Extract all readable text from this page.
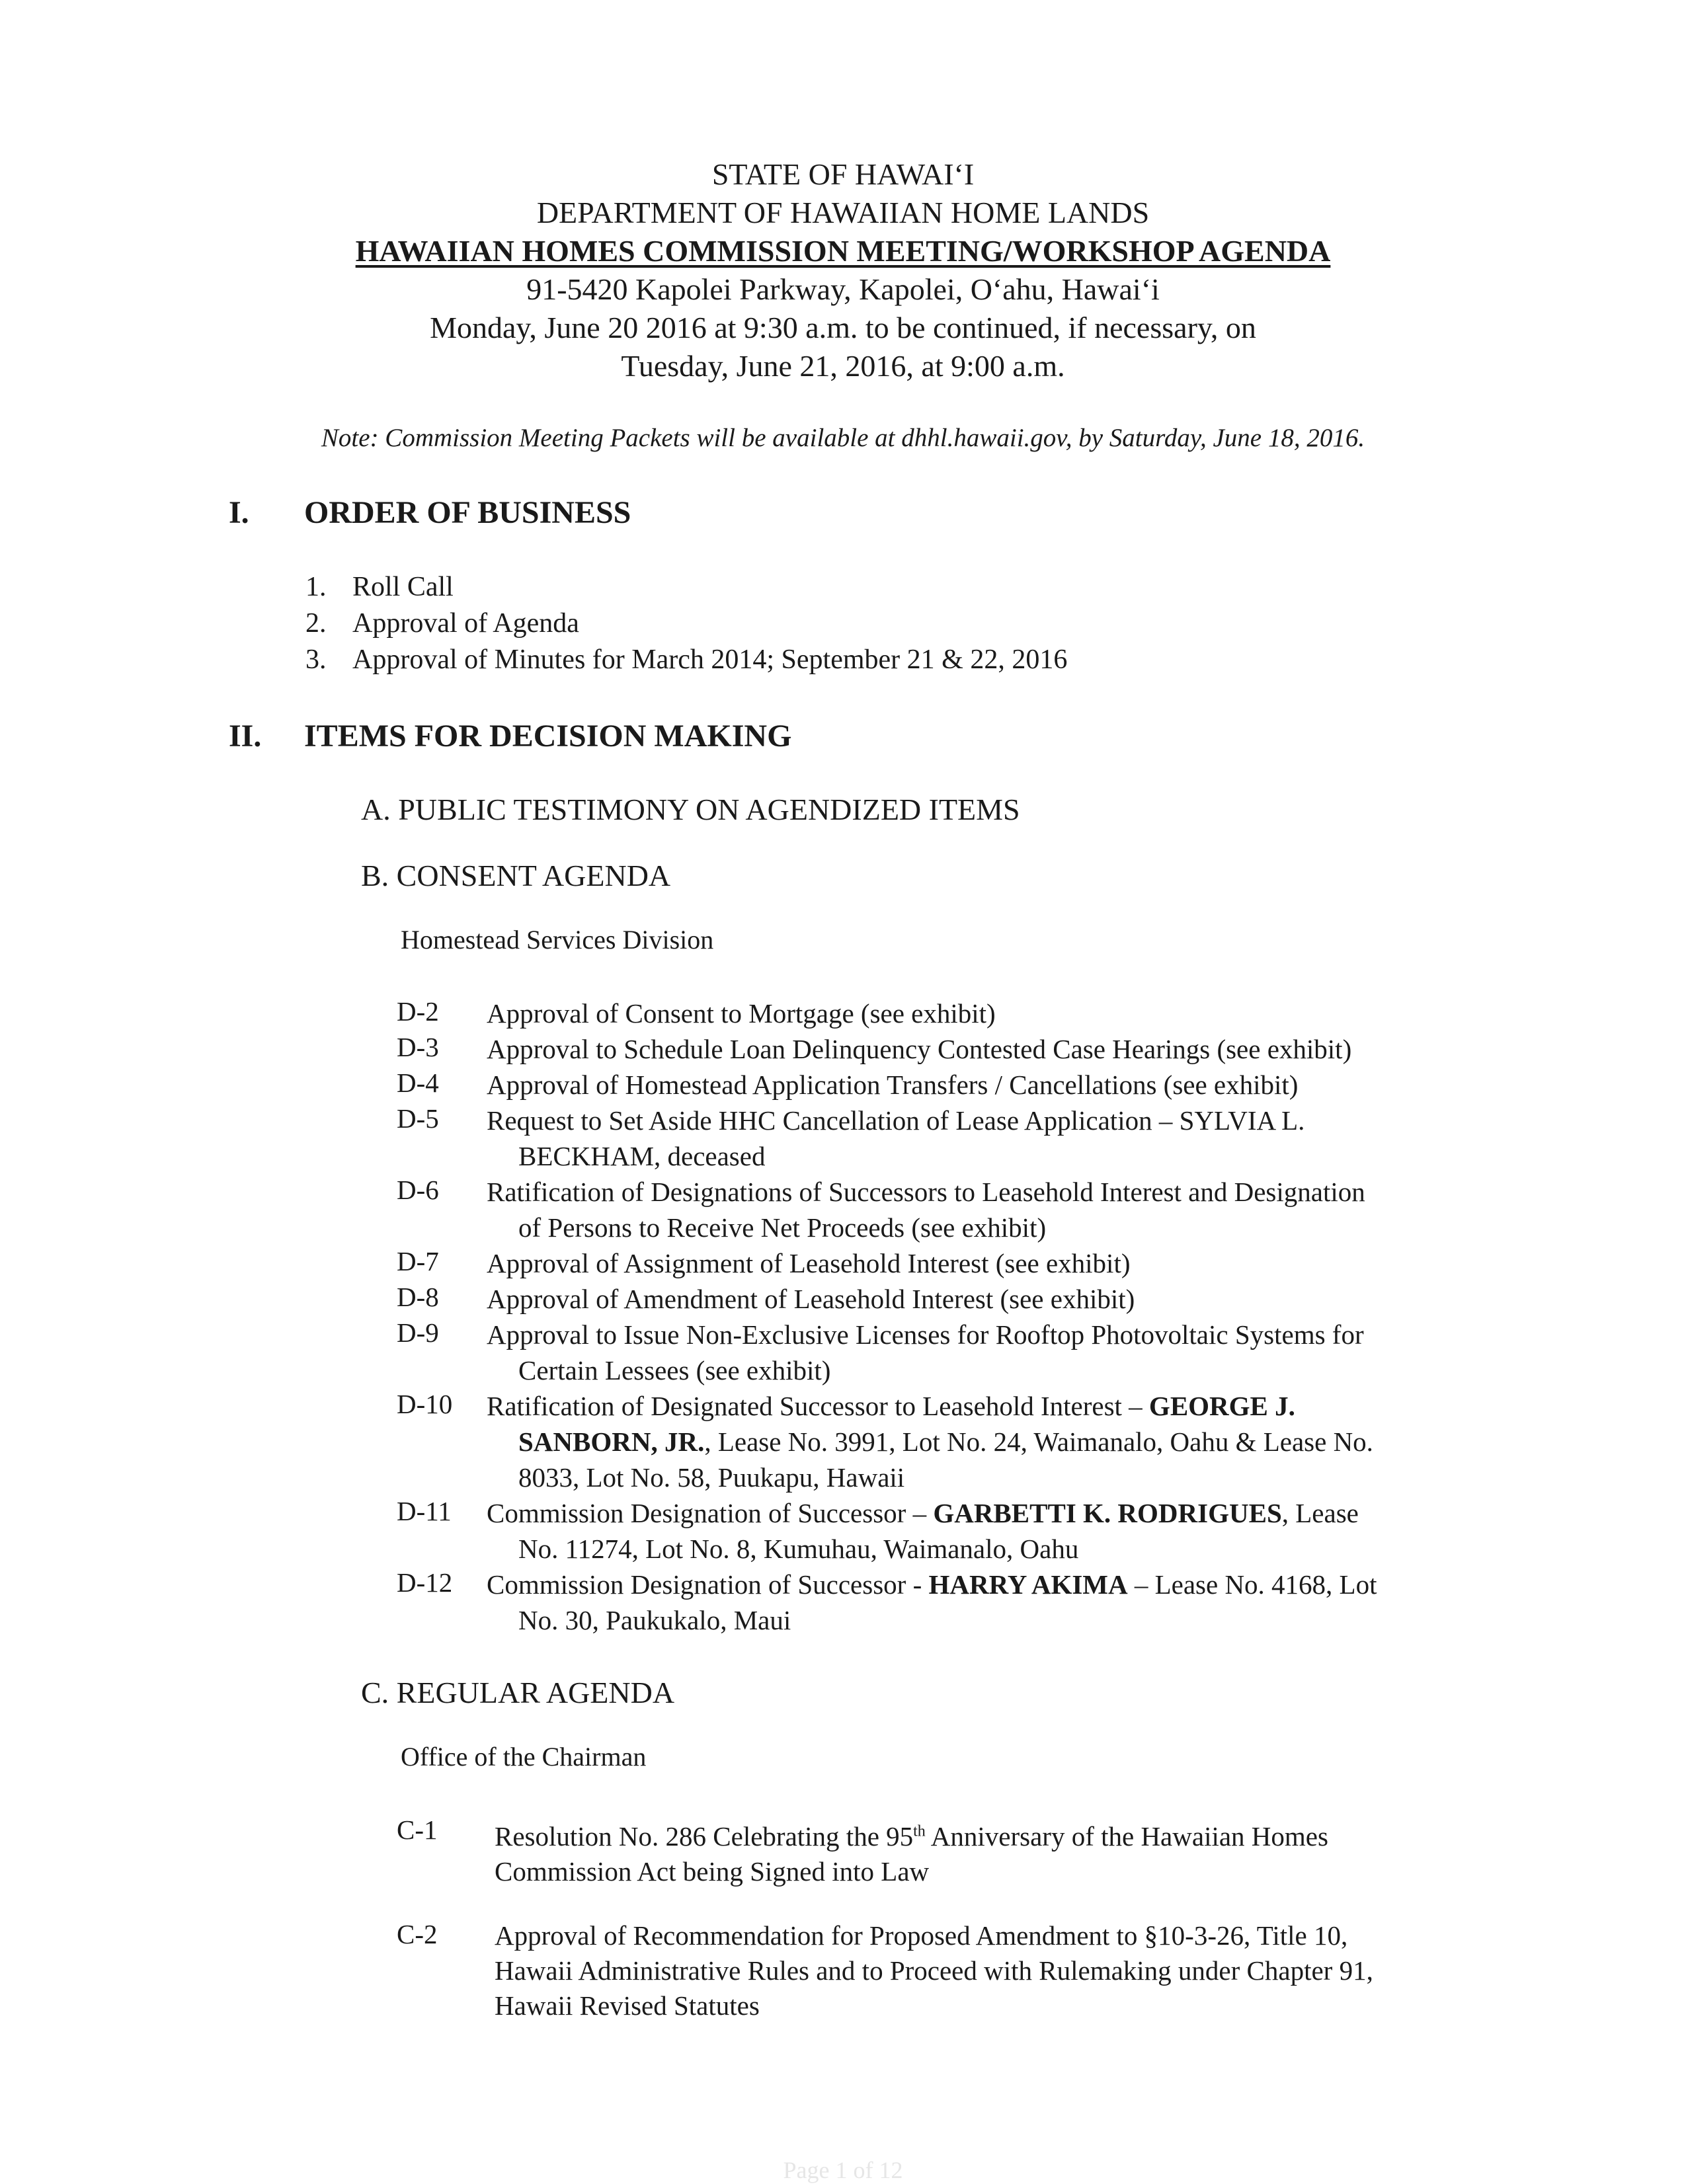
STATE OF HAWAI‘I
DEPARTMENT OF HAWAIIAN HOME LANDS
HAWAIIAN HOMES COMMISSION MEETING/WORKSHOP AGENDA
91-5420 Kapolei Parkway, Kapolei, O‘ahu, Hawai‘i
Monday, June 20 2016 at 9:30 a.m. to be continued, if necessary, on
Tuesday, June 21, 2016, at 9:00 a.m.
Note: Commission Meeting Packets will be available at dhhl.hawaii.gov, by Saturday, June 18, 2016.
I. ORDER OF BUSINESS
1. Roll Call
2. Approval of Agenda
3. Approval of Minutes for March 2014; September 21 & 22, 2016
II. ITEMS FOR DECISION MAKING
A. PUBLIC TESTIMONY ON AGENDIZED ITEMS
B. CONSENT AGENDA
Homestead Services Division
D-2 Approval of Consent to Mortgage (see exhibit)
D-3 Approval to Schedule Loan Delinquency Contested Case Hearings (see exhibit)
D-4 Approval of Homestead Application Transfers / Cancellations (see exhibit)
D-5 Request to Set Aside HHC Cancellation of Lease Application – SYLVIA L.
BECKHAM, deceased
D-6 Ratification of Designations of Successors to Leasehold Interest and Designation
of Persons to Receive Net Proceeds (see exhibit)
D-7 Approval of Assignment of Leasehold Interest (see exhibit)
D-8 Approval of Amendment of Leasehold Interest (see exhibit)
D-9 Approval to Issue Non-Exclusive Licenses for Rooftop Photovoltaic Systems for
Certain Lessees (see exhibit)
D-10 Ratification of Designated Successor to Leasehold Interest – GEORGE J.
SANBORN, JR., Lease No. 3991, Lot No. 24, Waimanalo, Oahu & Lease No.
8033, Lot No. 58, Puukapu, Hawaii
D-11 Commission Designation of Successor – GARBETTI K. RODRIGUES, Lease
No. 11274, Lot No. 8, Kumuhau, Waimanalo, Oahu
D-12 Commission Designation of Successor - HARRY AKIMA – Lease No. 4168, Lot
No. 30, Paukukalo, Maui
C. REGULAR AGENDA
Office of the Chairman
C-1 Resolution No. 286 Celebrating the 95th Anniversary of the Hawaiian Homes
Commission Act being Signed into Law
C-2 Approval of Recommendation for Proposed Amendment to §10-3-26, Title 10,
Hawaii Administrative Rules and to Proceed with Rulemaking under Chapter 91,
Hawaii Revised Statutes
Page 1 of 12
